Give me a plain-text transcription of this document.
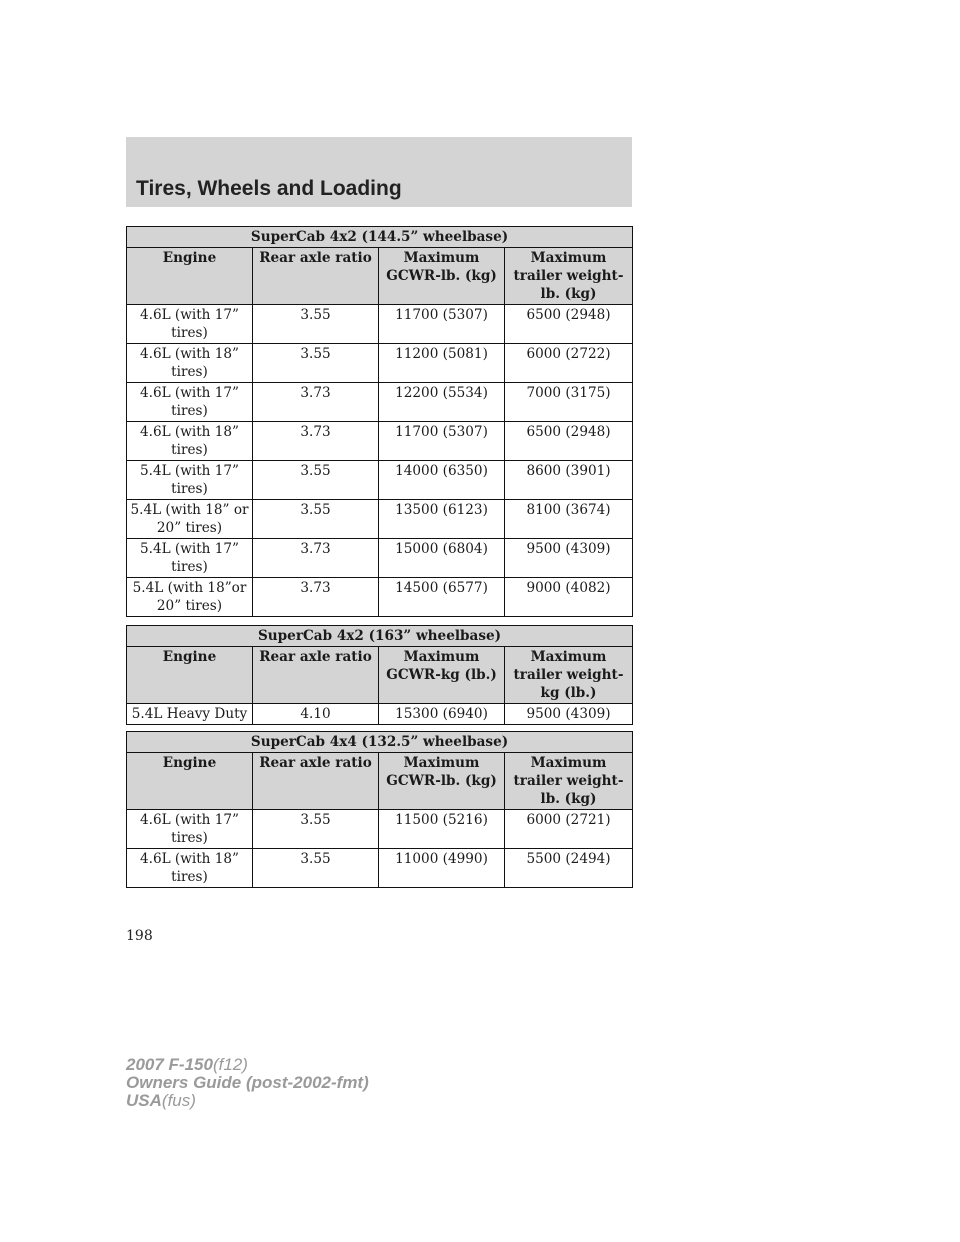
Tires, Wheels and Loading
SuperCab 4x2 (144.5” wheelbase)			
Engine	Rear axle ratio	Maximum GCWR-lb. (kg)	Maximum trailer weight-lb. (kg)
4.6L (with 17” tires)	3.55	11700 (5307)	6500 (2948)
4.6L (with 18” tires)	3.55	11200 (5081)	6000 (2722)
4.6L (with 17” tires)	3.73	12200 (5534)	7000 (3175)
4.6L (with 18” tires)	3.73	11700 (5307)	6500 (2948)
5.4L (with 17” tires)	3.55	14000 (6350)	8600 (3901)
5.4L (with 18” or 20” tires)	3.55	13500 (6123)	8100 (3674)
5.4L (with 17” tires)	3.73	15000 (6804)	9500 (4309)
5.4L (with 18”or 20” tires)	3.73	14500 (6577)	9000 (4082)
SuperCab 4x2 (163” wheelbase)			
Engine	Rear axle ratio	Maximum GCWR-kg (lb.)	Maximum trailer weight-kg (lb.)
5.4L Heavy Duty	4.10	15300 (6940)	9500 (4309)
SuperCab 4x4 (132.5” wheelbase)			
Engine	Rear axle ratio	Maximum GCWR-lb. (kg)	Maximum trailer weight-lb. (kg)
4.6L (with 17” tires)	3.55	11500 (5216)	6000 (2721)
4.6L (with 18” tires)	3.55	11000 (4990)	5500 (2494)
198
2007 F-150(f12)
Owners Guide (post-2002-fmt)
USA(fus)
